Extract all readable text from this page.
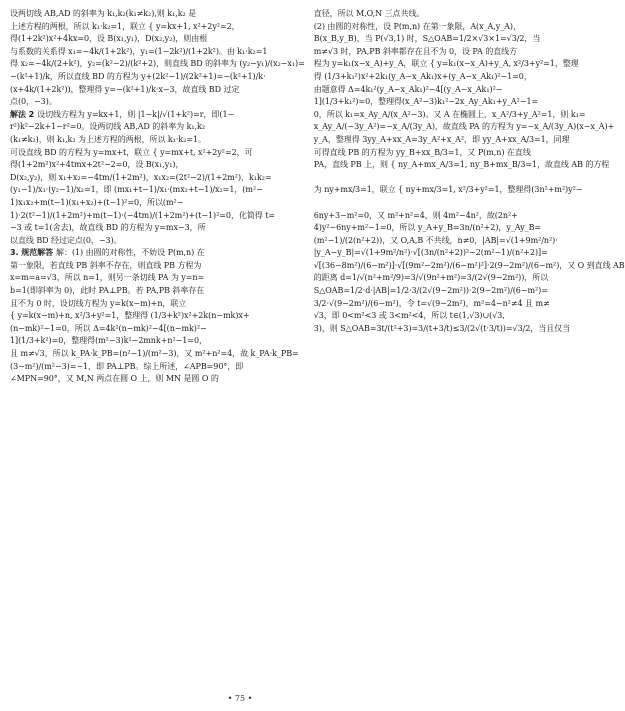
设两切线 AB,AD 的斜率为 k₁,k₂(k₁≠k₂),则 k₁,k₂ 是
上述方程的两根，所以 k₁·k₂=1，联立 { y=kx+1, x²+2y²=2，
得(1+2k²)x²+4kx=0，设 B(x₁,y₁)，D(x₂,y₂)，则由根
与系数的关系得 x₁=−4k/(1+2k²)，y₁=(1−2k²)/(1+2k²)。由 k₁·k₂=1
得 x₂=−4k/(2+k²)，y₂=(k²−2)/(k²+2)，则直线 BD 的斜率为 (y₂−y₁)/(x₂−x₁)=
−(k²+1)/k，所以直线 BD 的方程为 y+(2k²−1)/(2k²+1)=−(k²+1)/k·
(x+4k/(1+2k²))，整理得 y=−(k²+1)/k·x−3，故直线 BD 过定
点(0，−3)。
解法 2 设切线方程为 y=kx+1，则 |1−k|/√(1+k²)=r，即(1−
r²)k²−2k+1−r²=0。设两切线 AB,AD 的斜率为 k₁,k₂
(k₁≠k₂)，则 k₁,k₂ 为上述方程的两根，所以 k₁·k₂=1。
可设直线 BD 的方程为 y=mx+t，联立 { y=mx+t, x²+2y²=2，可
得(1+2m²)x²+4tmx+2t²−2=0，设 B(x₁,y₁)，
D(x₂,y₂)，则 x₁+x₂=−4tm/(1+2m²)，x₁x₂=(2t²−2)/(1+2m²)，k₁k₂=
(y₁−1)/x₁·(y₂−1)/x₂=1，即 (mx₁+t−1)/x₁·(mx₂+t−1)/x₂=1，(m²−
1)x₁x₂+m(t−1)(x₁+x₂)+(t−1)²=0，所以(m²−
1)·2(t²−1)/(1+2m²)+m(t−1)·(−4tm)/(1+2m²)+(t−1)²=0，化简得 t=
−3 或 t=1(舍去)，故直线 BD 的方程为 y=mx−3，所
以直线 BD 经过定点(0，−3)。
3. 规范解答 解：(1) 由圆的对称性，不妨设 P(m,n) 在
第一象限，若直线 PB 斜率不存在，则直线 PB 方程为
x=m=a=√3，所以 n=1，则另一条切线 PA 为 y=n=
b=1(即斜率为 0)，此时 PA⊥PB。若 PA,PB 斜率存在
且不为 0 时，设切线方程为 y=k(x−m)+n，联立
{ y=k(x−m)+n, x²/3+y²=1，整理得 (1/3+k²)x²+2k(n−mk)x+
(n−mk)²−1=0，所以 Δ=4k²(n−mk)²−4[(n−mk)²−
1](1/3+k²)=0，整理得(m²−3)k²−2mnk+n²−1=0，
且 m≠√3，所以 k_PA·k_PB=(n²−1)/(m²−3)，又 m²+n²=4，故 k_PA·k_PB=
(3−m²)/(m²−3)=−1，即 PA⊥PB。综上所述，∠APB=90°，即
∠MPN=90°，又 M,N 两点在圆 O 上，则 MN 是圆 O 的
直径，所以 M,O,N 三点共线。
(2) 由圆的对称性，设 P(m,n) 在第一象限，A(x_A,y_A)，
B(x_B,y_B)，当 P(√3,1) 时，S△OAB=1/2×√3×1=√3/2，当
m≠√3 时，PA,PB 斜率都存在且不为 0，设 PA 的直线方
程为 y=k₁(x−x_A)+y_A，联立 { y=k₁(x−x_A)+y_A, x²/3+y²=1，整理
得 (1/3+k₁²)x²+2k₁(y_A−x_Ak₁)x+(y_A−x_Ak₁)²−1=0，
由题意得 Δ=4k₁²(y_A−x_Ak₁)²−4[(y_A−x_Ak₁)²−
1](1/3+k₁²)=0，整理得(x_A²−3)k₁²−2x_Ay_Ak₁+y_A²−1=
0，所以 k₁=x_Ay_A/(x_A²−3)。又 A 在椭圆上，x_A²/3+y_A²=1，则 k₁=
x_Ay_A/(−3y_A²)=−x_A/(3y_A)，故直线 PA 的方程为 y=−x_A/(3y_A)(x−x_A)+
y_A，整理得 3yy_A+xx_A=3y_A²+x_A²，即 yy_A+xx_A/3=1，同理
可得直线 PB 的方程为 yy_B+xx_B/3=1，又 P(m,n) 在直线
PA，直线 PB 上，则 { ny_A+mx_A/3=1, ny_B+mx_B/3=1，故直线 AB 的方程

为 ny+mx/3=1，联立 { ny+mx/3=1, x²/3+y²=1，整理得(3n²+m²)y²−

6ny+3−m²=0，又 m²+n²=4，则 4m²−4n²，故(2n²+
4)y²−6ny+m²−1=0，所以 y_A+y_B=3n/(n²+2)，y_Ay_B=
(m²−1)/(2(n²+2))，又 O,A,B 不共线，n≠0，|AB|=√(1+9m²/n²)·
|y_A−y_B|=√(1+9m²/n²)·√[(3n/(n²+2))²−2(m²−1)/(n²+2)]=
√[(36−8m²)/(6−m²)]·√[(9m²−2m²)/(6−m²)²]·2(9−2m²)/(6−m²)，又 O 到直线 AB
的距离 d=1/√(n²+m²/9)=3/√(9n²+m²)=3/(2√(9−2m²))，所以
S△OAB=1/2·d·|AB|=1/2·3/(2√(9−2m²))·2(9−2m²)/(6−m²)=
3/2·√(9−2m²)/(6−m²)，令 t=√(9−2m²)，m²=4−n²≠4 且 m≠
√3，即 0<m²<3 或 3<m²<4，所以 t∈(1,√3)∪(√3,
3)，则 S△OAB=3t/(t²+3)=3/(t+3/t)≤3/(2√(t·3/t))=√3/2，当且仅当
• 75 •
